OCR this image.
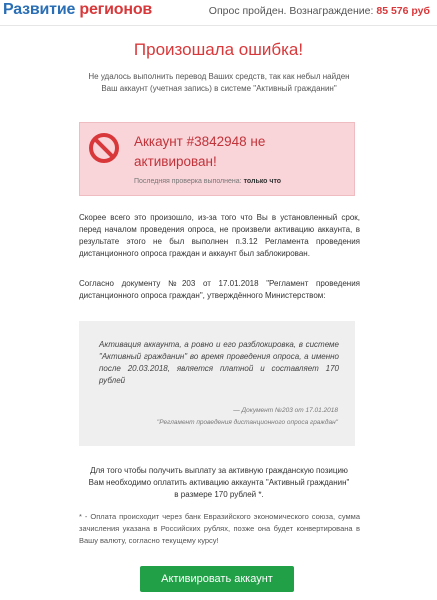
Развитие регионов	Опрос пройден. Вознаграждение: 85 576 руб
Произошала ошибка!
Не удалось выполнить перевод Ваших средств, так как небыл найден Ваш аккаунт (учетная запись) в системе "Активный гражданин"
Аккаунт #3842948 не активирован!
Последняя проверка выполнена: только что

Скорее всего это произошло, из-за того что Вы в установленный срок, перед началом проведения опроса, не произвели активацию аккаунта, в результате этого не был выполнен п.3.12 Регламента проведения дистанционного опроса граждан и аккаунт был заблокирован.

Согласно документу №203 от 17.01.2018 "Регламент проведения дистанционного опроса граждан", утверждённого Министерством:

Активация аккаунта, а ровно и его разблокировка, в системе "Активный гражданин" во время проведения опроса, а именно после 20.03.2018, является платной и составляет 170 рублей

— Документ №203 от 17.01.2018
"Регламент проведения дистанционного опроса граждан"

Для того чтобы получить выплату за активную гражданскую позицию Вам необходимо оплатить активацию аккаунта "Активный гражданин" в размере 170 рублей *.

* - Оплата происходит через банк Евразийского экономического союза, сумма зачисления указана в Российских рублях, позже она будет конвертирована в Вашу валюту, согласно текущему курсу!

Активировать аккаунт
